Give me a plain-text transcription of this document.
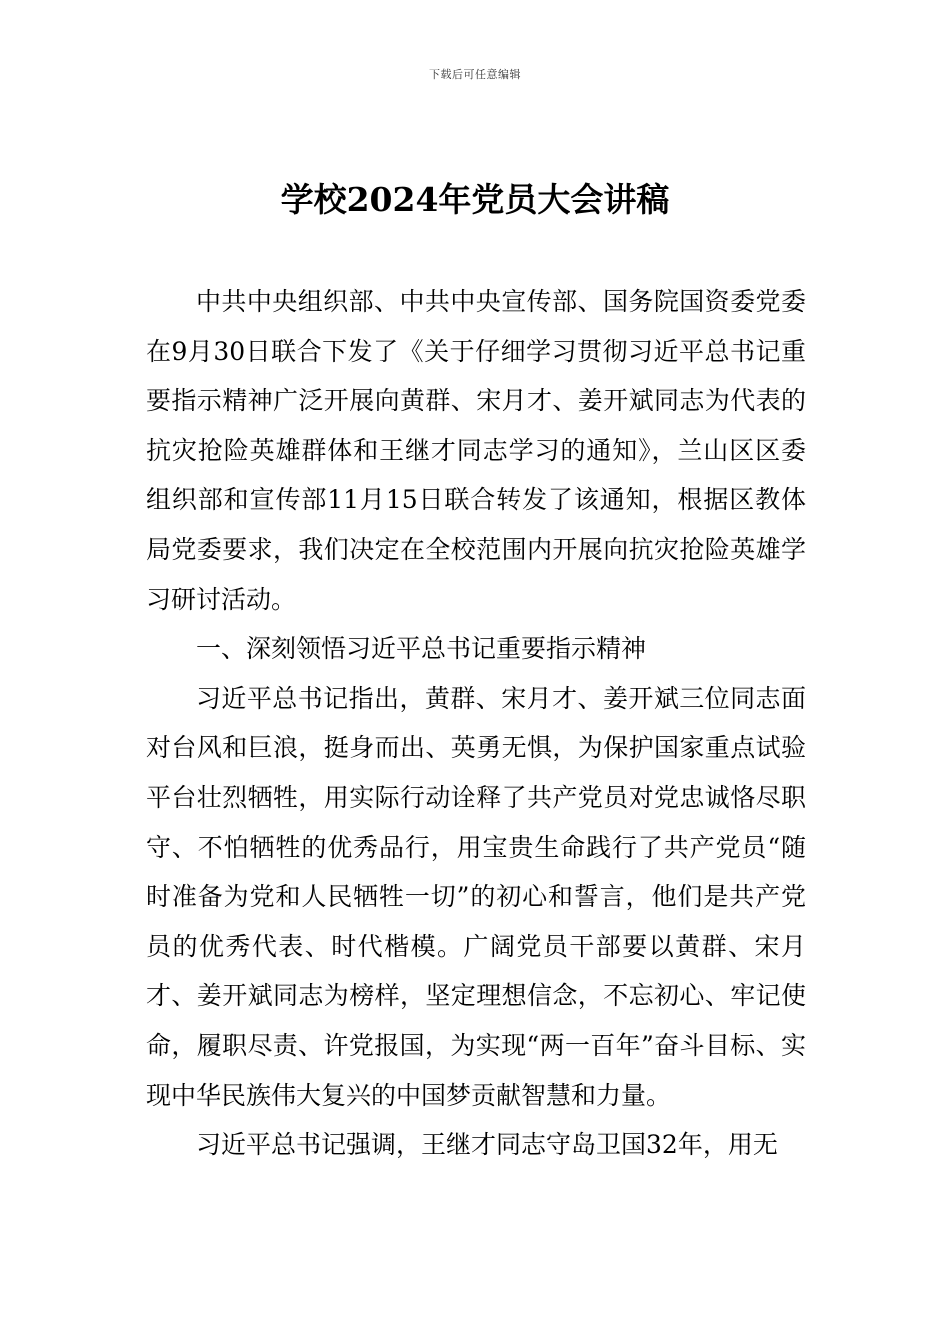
下载后可任意编辑
学校2024年党员大会讲稿

中共中央组织部、中共中央宣传部、国务院国资委党委在9月30日联合下发了《关于仔细学习贯彻习近平总书记重要指示精神广泛开展向黄群、宋月才、姜开斌同志为代表的抗灾抢险英雄群体和王继才同志学习的通知》，兰山区区委组织部和宣传部11月15日联合转发了该通知，根据区教体局党委要求，我们决定在全校范围内开展向抗灾抢险英雄学习研讨活动。

一、深刻领悟习近平总书记重要指示精神

习近平总书记指出，黄群、宋月才、姜开斌三位同志面对台风和巨浪，挺身而出、英勇无惧，为保护国家重点试验平台壮烈牺牲，用实际行动诠释了共产党员对党忠诚恪尽职守、不怕牺牲的优秀品行，用宝贵生命践行了共产党员“随时准备为党和人民牺牲一切”的初心和誓言，他们是共产党员的优秀代表、时代楷模。广阔党员干部要以黄群、宋月才、姜开斌同志为榜样，坚定理想信念，不忘初心、牢记使命，履职尽责、许党报国，为实现“两一百年”奋斗目标、实现中华民族伟大复兴的中国梦贡献智慧和力量。

习近平总书记强调，王继才同志守岛卫国32年，用无
